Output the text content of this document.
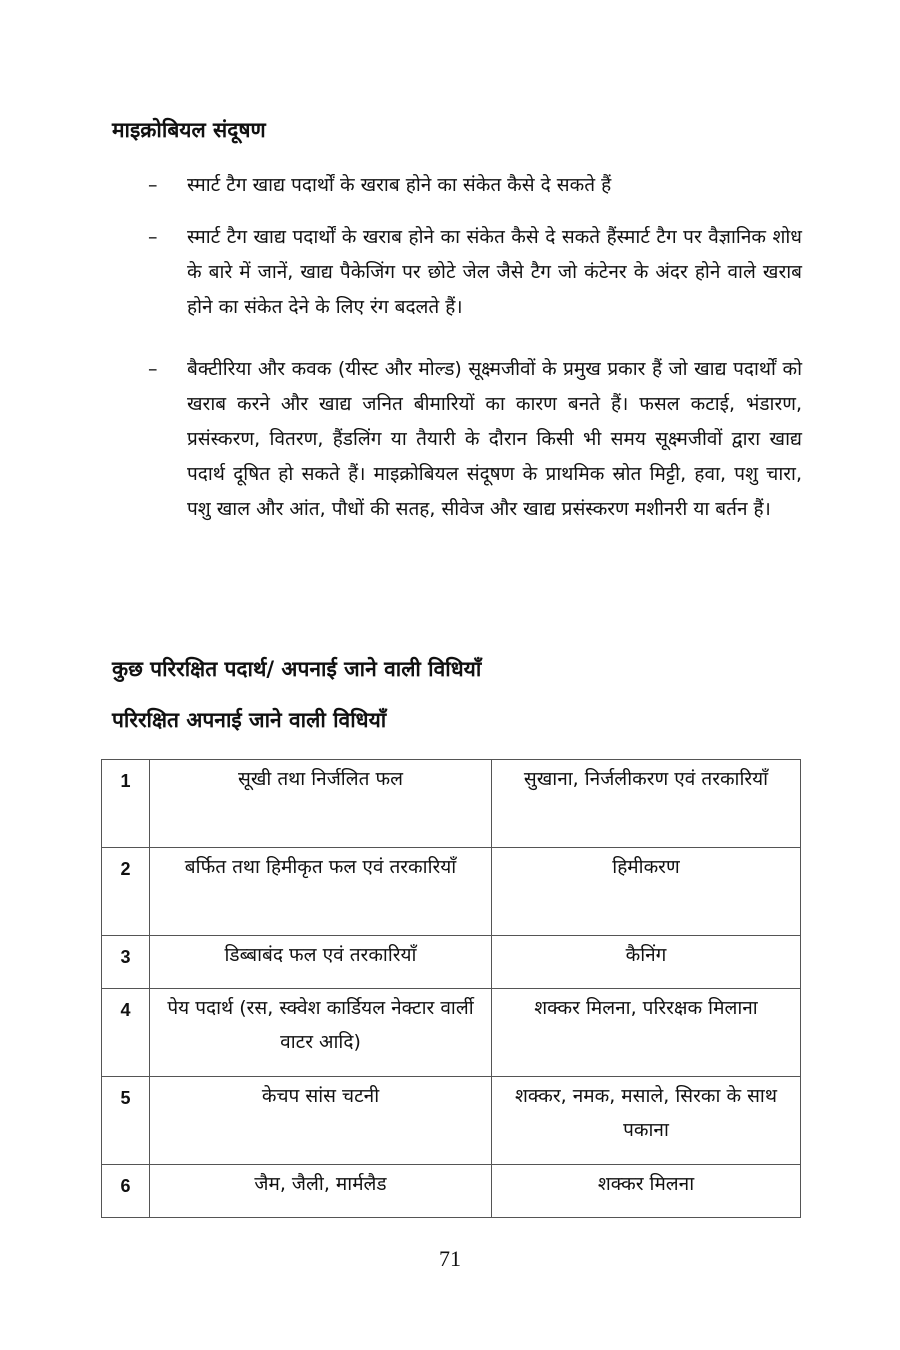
माइक्रोबियल संदूषण
– स्मार्ट टैग खाद्य पदार्थों के खराब होने का संकेत कैसे दे सकते हैं
– स्मार्ट टैग खाद्य पदार्थों के खराब होने का संकेत कैसे दे सकते हैंस्मार्ट टैग पर वैज्ञानिक शोध के बारे में जानें, खाद्य पैकेजिंग पर छोटे जेल जैसे टैग जो कंटेनर के अंदर होने वाले खराब होने का संकेत देने के लिए रंग बदलते हैं।
– बैक्टीरिया और कवक (यीस्ट और मोल्ड) सूक्ष्मजीवों के प्रमुख प्रकार हैं जो खाद्य पदार्थों को खराब करने और खाद्य जनित बीमारियों का कारण बनते हैं। फसल कटाई, भंडारण, प्रसंस्करण, वितरण, हैंडलिंग या तैयारी के दौरान किसी भी समय सूक्ष्मजीवों द्वारा खाद्य पदार्थ दूषित हो सकते हैं। माइक्रोबियल संदूषण के प्राथमिक स्रोत मिट्टी, हवा, पशु चारा, पशु खाल और आंत, पौधों की सतह, सीवेज और खाद्य प्रसंस्करण मशीनरी या बर्तन हैं।
कुछ परिरक्षित पदार्थ/ अपनाई जाने वाली विधियाँ
परिरक्षित अपनाई जाने वाली विधियाँ
1	सूखी तथा निर्जलित फल	सुखाना, निर्जलीकरण एवं तरकारियाँ
2	बर्फित तथा हिमीकृत फल एवं तरकारियाँ	हिमीकरण
3	डिब्बाबंद फल एवं तरकारियाँ	कैनिंग
4	पेय पदार्थ (रस, स्क्वेश कार्डियल नेक्टार वार्ली वाटर आदि)	शक्कर मिलना, परिरक्षक मिलाना
5	केचप सांस चटनी	शक्कर, नमक, मसाले, सिरका के साथ पकाना
6	जैम, जैली, मार्मलैड	शक्कर मिलना
71
